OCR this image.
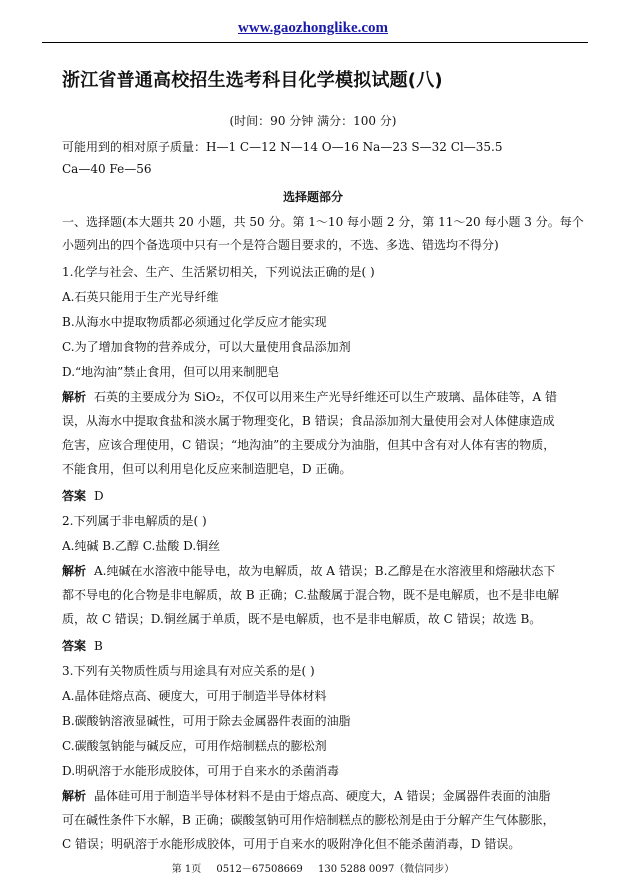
www.gaozhonglike.com
浙江省普通高校招生选考科目化学模拟试题(八)
(时间：90 分钟 满分：100 分)
可能用到的相对原子质量：H—1 C—12 N—14 O—16 Na—23 S—32 Cl—35.5
Ca—40 Fe—56
选择题部分
一、选择题(本大题共 20 小题，共 50 分。第 1～10 每小题 2 分，第 11～20 每小题 3 分。每个
小题列出的四个备选项中只有一个是符合题目要求的，不选、多选、错选均不得分)
1.化学与社会、生产、生活紧切相关，下列说法正确的是( )
A.石英只能用于生产光导纤维
B.从海水中提取物质都必须通过化学反应才能实现
C.为了增加食物的营养成分，可以大量使用食品添加剂
D.“地沟油”禁止食用，但可以用来制肥皂
解析 石英的主要成分为 SiO₂，不仅可以用来生产光导纤维还可以生产玻璃、晶体硅等，A 错
误，从海水中提取食盐和淡水属于物理变化，B 错误；食品添加剂大量使用会对人体健康造成
危害，应该合理使用，C 错误；“地沟油”的主要成分为油脂，但其中含有对人体有害的物质，
不能食用，但可以利用皂化反应来制造肥皂，D 正确。
答案 D
2.下列属于非电解质的是( )
A.纯碱 B.乙醇 C.盐酸 D.铜丝
解析 A.纯碱在水溶液中能导电，故为电解质，故 A 错误；B.乙醇是在水溶液里和熔融状态下
都不导电的化合物是非电解质，故 B 正确；C.盐酸属于混合物，既不是电解质，也不是非电解
质，故 C 错误；D.铜丝属于单质，既不是电解质，也不是非电解质，故 C 错误；故选 B。
答案 B
3.下列有关物质性质与用途具有对应关系的是( )
A.晶体硅熔点高、硬度大，可用于制造半导体材料
B.碳酸钠溶液显碱性，可用于除去金属器件表面的油脂
C.碳酸氢钠能与碱反应，可用作焙制糕点的膨松剂
D.明矾溶于水能形成胶体，可用于自来水的杀菌消毒
解析 晶体硅可用于制造半导体材料不是由于熔点高、硬度大，A 错误；金属器件表面的油脂
可在碱性条件下水解，B 正确；碳酸氢钠可用作焙制糕点的膨松剂是由于分解产生气体膨胀，
C 错误；明矾溶于水能形成胶体，可用于自来水的吸附净化但不能杀菌消毒，D 错误。
第 1页 0512－67508669 130 5288 0097（微信同步）
